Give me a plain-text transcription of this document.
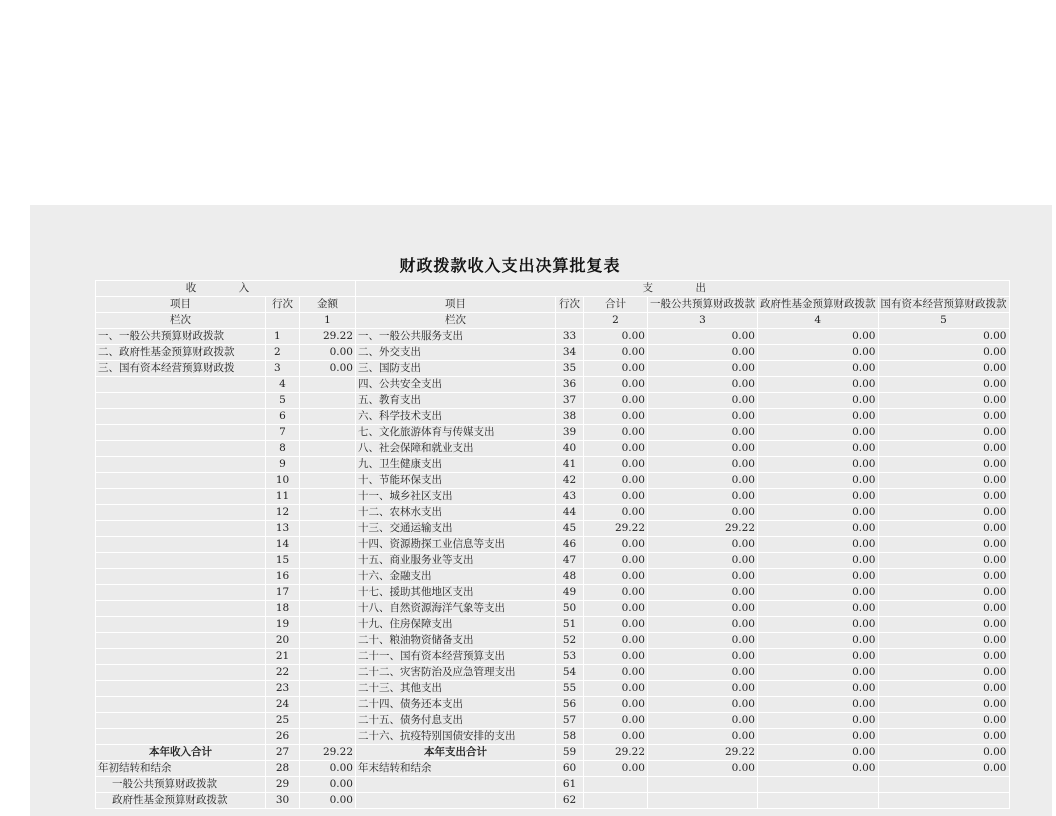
财政拨款收入支出决算批复表
收　入			支　出					
项目	行次	金额	项目	行次	合计	一般公共预算财政拨款	政府性基金预算财政拨款	国有资本经营预算财政拨款
栏次		1	栏次		2	3	4	5
一、一般公共预算财政拨款	1	29.22	一、一般公共服务支出	33	0.00	0.00	0.00	0.00
二、政府性基金预算财政拨款	2	0.00	二、外交支出	34	0.00	0.00	0.00	0.00
三、国有资本经营预算财政拨	3	0.00	三、国防支出	35	0.00	0.00	0.00	0.00
	4		四、公共安全支出	36	0.00	0.00	0.00	0.00
	5		五、教育支出	37	0.00	0.00	0.00	0.00
	6		六、科学技术支出	38	0.00	0.00	0.00	0.00
	7		七、文化旅游体育与传媒支出	39	0.00	0.00	0.00	0.00
	8		八、社会保障和就业支出	40	0.00	0.00	0.00	0.00
	9		九、卫生健康支出	41	0.00	0.00	0.00	0.00
	10		十、节能环保支出	42	0.00	0.00	0.00	0.00
	11		十一、城乡社区支出	43	0.00	0.00	0.00	0.00
	12		十二、农林水支出	44	0.00	0.00	0.00	0.00
	13		十三、交通运输支出	45	29.22	29.22	0.00	0.00
	14		十四、资源勘探工业信息等支出	46	0.00	0.00	0.00	0.00
	15		十五、商业服务业等支出	47	0.00	0.00	0.00	0.00
	16		十六、金融支出	48	0.00	0.00	0.00	0.00
	17		十七、援助其他地区支出	49	0.00	0.00	0.00	0.00
	18		十八、自然资源海洋气象等支出	50	0.00	0.00	0.00	0.00
	19		十九、住房保障支出	51	0.00	0.00	0.00	0.00
	20		二十、粮油物资储备支出	52	0.00	0.00	0.00	0.00
	21		二十一、国有资本经营预算支出	53	0.00	0.00	0.00	0.00
	22		二十二、灾害防治及应急管理支出	54	0.00	0.00	0.00	0.00
	23		二十三、其他支出	55	0.00	0.00	0.00	0.00
	24		二十四、债务还本支出	56	0.00	0.00	0.00	0.00
	25		二十五、债务付息支出	57	0.00	0.00	0.00	0.00
	26		二十六、抗疫特别国债安排的支出	58	0.00	0.00	0.00	0.00
本年收入合计	27	29.22	本年支出合计	59	29.22	29.22	0.00	0.00
年初结转和结余	28	0.00	年末结转和结余	60	0.00	0.00	0.00	0.00
一般公共预算财政拨款	29	0.00		61				
政府性基金预算财政拨款	30	0.00		62				
